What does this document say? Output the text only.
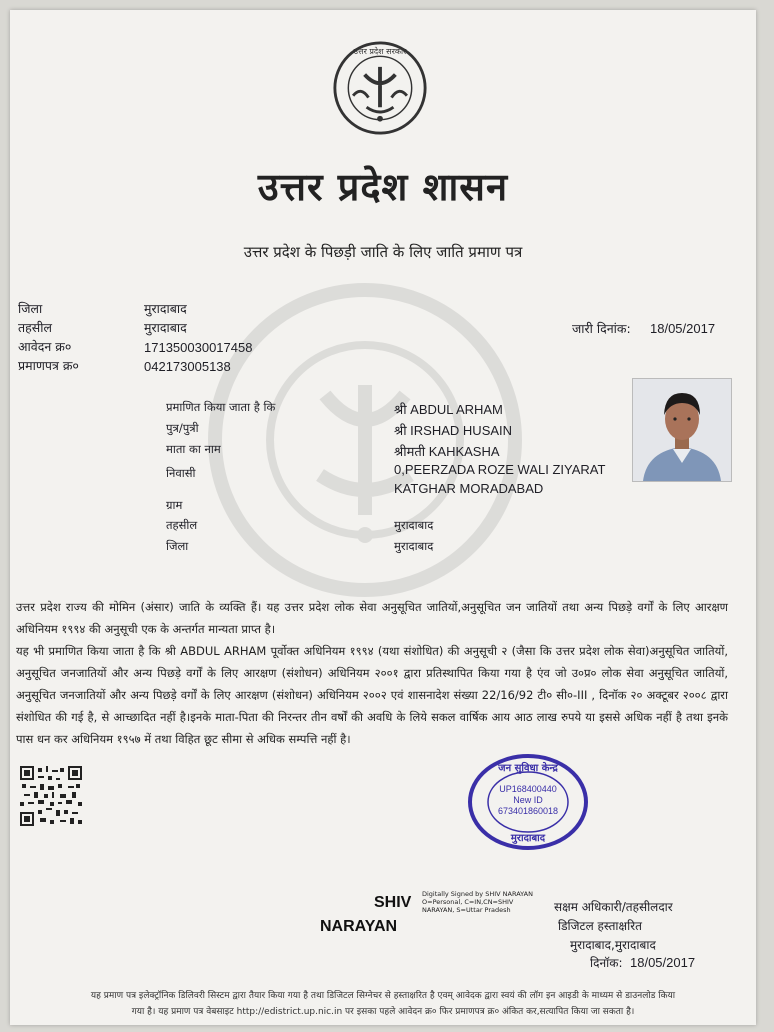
उत्तर प्रदेश सरकार
उत्तर प्रदेश शासन
उत्तर प्रदेश के पिछड़ी जाति के लिए जाति प्रमाण पत्र
जिला	मुरादाबाद
तहसील	मुरादाबाद
आवेदन क्र०	171350030017458
प्रमाणपत्र क्र०	042173005138
जारी दिनांक: 18/05/2017
प्रमाणित किया जाता है कि	श्री ABDUL ARHAM
पुत्र/पुत्री	श्री IRSHAD HUSAIN
माता का नाम	श्रीमती KAHKASHA
निवासी	0,PEERZADA ROZE WALI ZIYARAT
KATGHAR MORADABAD
ग्राम
तहसील	मुरादाबाद
जिला	मुरादाबाद

उत्तर प्रदेश राज्य की मोमिन (अंसार) जाति के व्यक्ति हैं। यह उत्तर प्रदेश लोक सेवा अनुसूचित जातियों,अनुसूचित जन जातियों तथा अन्य पिछड़े वर्गों के लिए आरक्षण अधिनियम १९९४ की अनुसूची एक के अन्तर्गत मान्यता प्राप्त है।

यह भी प्रमाणित किया जाता है कि श्री ABDUL ARHAM पूर्वोक्त अधिनियम १९९४ (यथा संशोधित) की अनुसूची २ (जैसा कि उत्तर प्रदेश लोक सेवा)अनुसूचित जातियों, अनुसूचित जनजातियों और अन्य पिछड़े वर्गों के लिए आरक्षण (संशोधन) अधिनियम २००१ द्वारा प्रतिस्थापित किया गया है एंव जो उ०प्र० लोक सेवा अनुसूचित जातियों, अनुसूचित जनजातियों और अन्य पिछड़े वर्गों के लिए आरक्षण (संशोधन) अधिनियम २००२ एवं शासनादेश संख्या 22/16/92 टी० सी०-III , दिनॉक २० अक्टूबर २००८ द्वारा संशोधित की गई है, से आच्छादित नहीं है।इनके माता-पिता की निरन्तर तीन वर्षों की अवधि के लिये सकल वार्षिक आय आठ लाख रुपये या इससे अधिक नहीं है तथा इनके पास धन कर अधिनियम १९५७ में तथा विहित छूट सीमा से अधिक सम्पत्ति नहीं है।

जन सुविधा केन्द्र
UP168400440
New ID
673401860018
मुरादाबाद
SHIV
NARAYAN
Digitally Signed by SHIV NARAYAN O=Personal, C=IN,CN=SHIV NARAYAN, S=Uttar Pradesh	सक्षम अधिकारी/तहसीलदार
डिजिटल हस्ताक्षरित
मुरादाबाद,मुरादाबाद
दिनॉक: 18/05/2017
यह प्रमाण पत्र इलेक्ट्रॉनिक डिलिवरी सिस्टम द्वारा तैयार किया गया है तथा डिजिटल सिग्नेचर से हस्ताक्षरित है एवम् आवेदक द्वारा स्वयं की लॉग इन आइडी के माध्यम से डाउनलोड किया
गया है। यह प्रमाण पत्र वेबसाइट http://edistrict.up.nic.in पर इसका पहले आवेदन क्र० फिर प्रमाणपत्र क्र० अंकित कर,सत्यापित किया जा सकता है।
